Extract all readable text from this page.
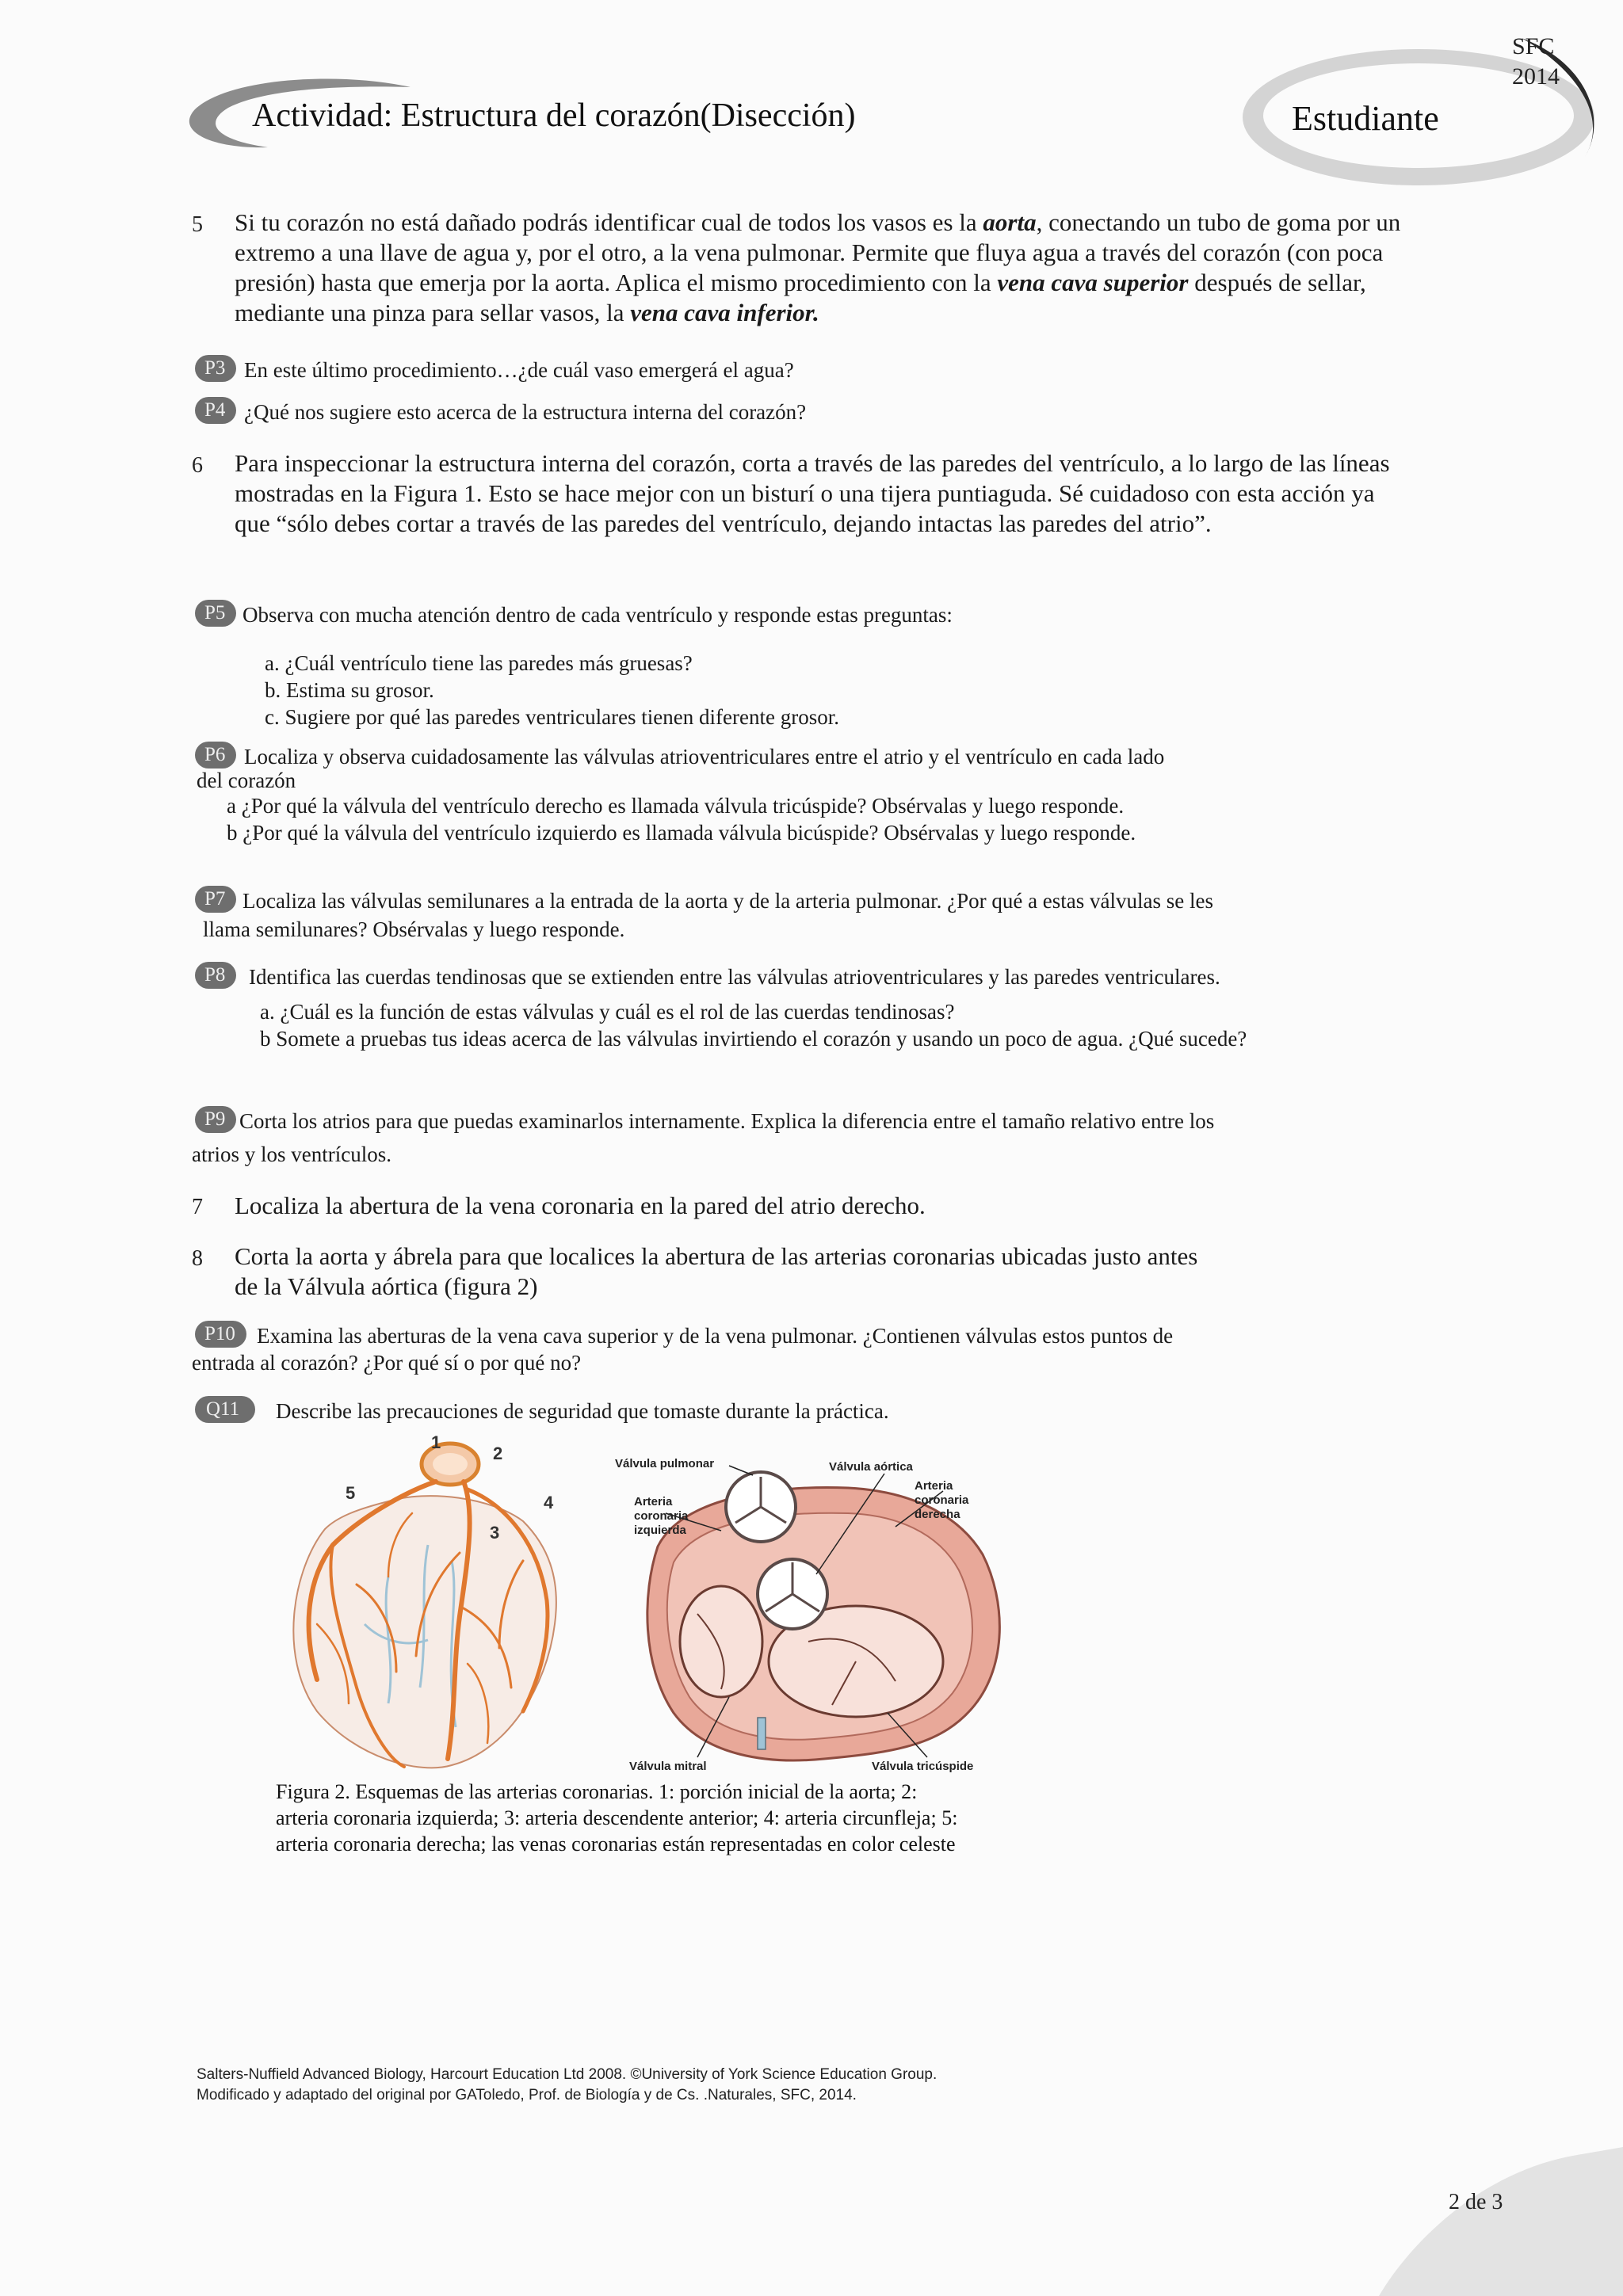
Actividad: Estructura del corazón(Disección)	Estudiante
SFC
2014
5 Si tu corazón no está dañado podrás identificar cual de todos los vasos es la aorta, conectando un tubo de goma por un extremo a una llave de agua y, por el otro, a la vena pulmonar. Permite que fluya agua a través del corazón (con poca presión) hasta que emerja por la aorta. Aplica el mismo procedimiento con la vena cava superior después de sellar, mediante una pinza para sellar vasos, la vena cava inferior.
P3 En este último procedimiento…¿de cuál vaso emergerá el agua?
P4 ¿Qué nos sugiere esto acerca de la estructura interna del corazón?
6 Para inspeccionar la estructura interna del corazón, corta a través de las paredes del ventrículo, a lo largo de las líneas mostradas en la Figura 1. Esto se hace mejor con un bisturí o una tijera puntiaguda. Sé cuidadoso con esta acción ya que “sólo debes cortar a través de las paredes del ventrículo, dejando intactas las paredes del atrio”.
P5 Observa con mucha atención dentro de cada ventrículo y responde estas preguntas:
a. ¿Cuál ventrículo tiene las paredes más gruesas?
b. Estima su grosor.
c. Sugiere por qué las paredes ventriculares tienen diferente grosor.
P6 Localiza y observa cuidadosamente las válvulas atrioventriculares entre el atrio y el ventrículo en cada lado
del corazón
a ¿Por qué la válvula del ventrículo derecho es llamada válvula tricúspide? Obsérvalas y luego responde.
b ¿Por qué la válvula del ventrículo izquierdo es llamada válvula bicúspide? Obsérvalas y luego responde.
P7 Localiza las válvulas semilunares a la entrada de la aorta y de la arteria pulmonar. ¿Por qué a estas válvulas se les
llama semilunares? Obsérvalas y luego responde.
P8	Identifica las cuerdas tendinosas que se extienden entre las válvulas atrioventriculares y las paredes ventriculares.
a. ¿Cuál es la función de estas válvulas y cuál es el rol de las cuerdas tendinosas?
b Somete a pruebas tus ideas acerca de las válvulas invirtiendo el corazón y usando un poco de agua. ¿Qué sucede?
P9 Corta los atrios para que puedas examinarlos internamente. Explica la diferencia entre el tamaño relativo entre los
atrios y los ventrículos.
7 Localiza la abertura de la vena coronaria en la pared del atrio derecho.
8 Corta la aorta y ábrela para que localices la abertura de las arterias coronarias ubicadas justo antes
de la Válvula aórtica (figura 2)
P10	Examina las aberturas de la vena cava superior y de la vena pulmonar. ¿Contienen válvulas estos puntos de
entrada al corazón? ¿Por qué sí o por qué no?
Q11	Describe las precauciones de seguridad que tomaste durante la práctica.
1
2
3
4
5
Válvula pulmonar	Válvula aórtica
Arteria
coronaria
izquierda
Arteria
coronaria
derecha
Válvula mitral	Válvula tricúspide
Figura 2. Esquemas de las arterias coronarias. 1: porción inicial de la aorta; 2:
arteria coronaria izquierda; 3: arteria descendente anterior; 4: arteria circunfleja; 5:
arteria coronaria derecha; las venas coronarias están representadas en color celeste
Salters-Nuffield Advanced Biology, Harcourt Education Ltd 2008. ©University of York Science Education Group.
Modificado y adaptado del original por GAToledo, Prof. de Biología y de Cs. .Naturales, SFC, 2014.
2 de 3
